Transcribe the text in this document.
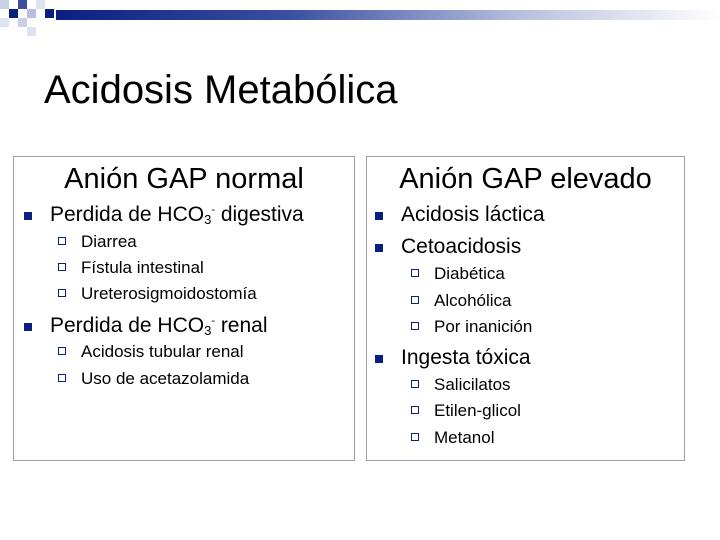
Acidosis Metabólica
Anión GAP normal
Perdida de $HCO_3^-$ digestiva
Diarrea
Fístula intestinal
Ureterosigmoidostomía
Perdida de $HCO_3^-$ renal
Acidosis tubular renal
Uso de acetazolamida
Anión GAP elevado
Acidosis láctica
Cetoacidosis
Diabética
Alcohólica
Por inanición
Ingesta tóxica
Salicilatos
Etilen-glicol
Metanol
